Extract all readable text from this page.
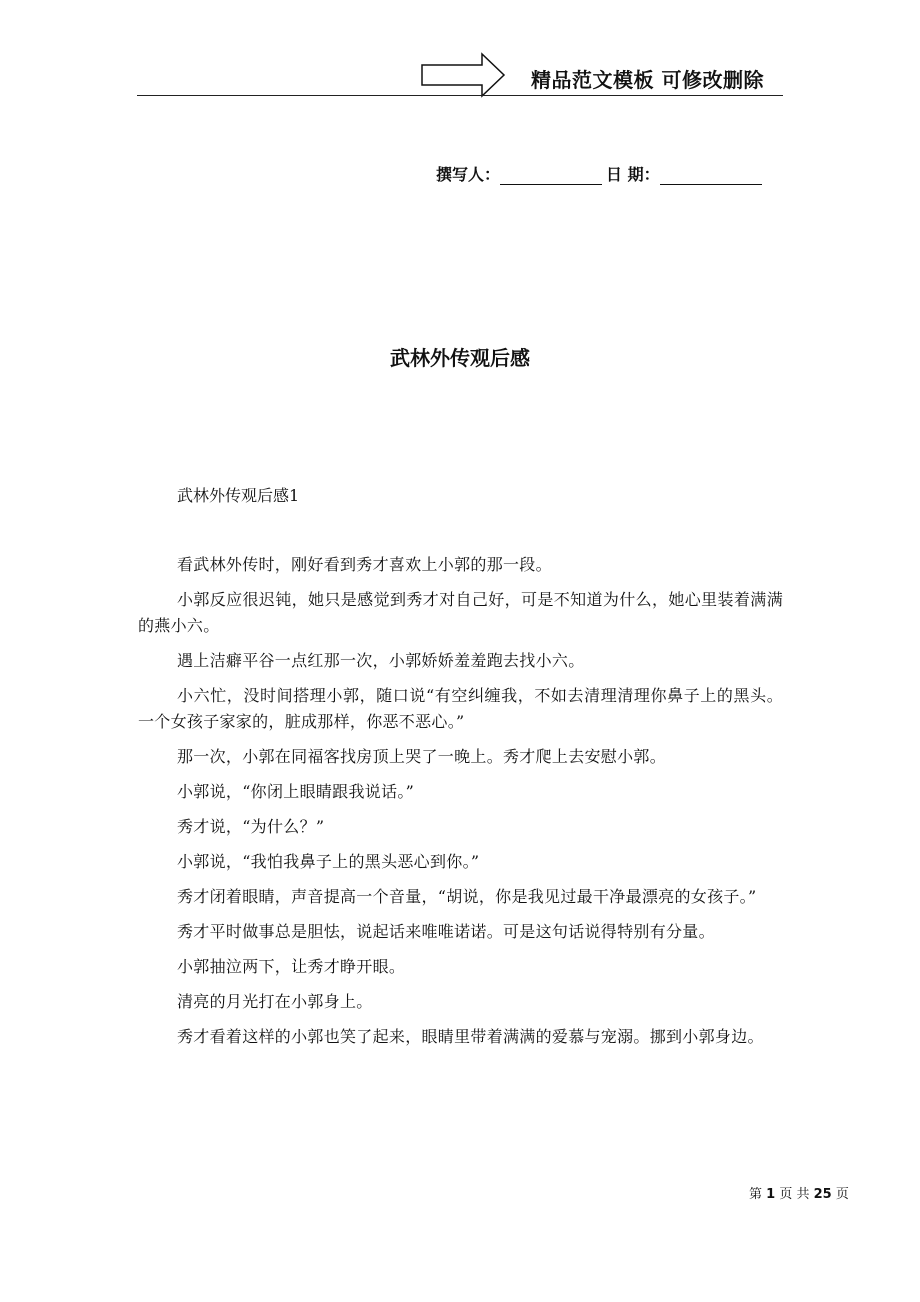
精品范文模板 可修改删除
撰写人：	日 期：
武林外传观后感
武林外传观后感1

看武林外传时，刚好看到秀才喜欢上小郭的那一段。

小郭反应很迟钝，她只是感觉到秀才对自己好，可是不知道为什么，她心里装着满满的燕小六。

遇上洁癖平谷一点红那一次，小郭娇娇羞羞跑去找小六。

小六忙，没时间搭理小郭，随口说“有空纠缠我，不如去清理清理你鼻子上的黑头。一个女孩子家家的，脏成那样，你恶不恶心。”

那一次，小郭在同福客找房顶上哭了一晚上。秀才爬上去安慰小郭。

小郭说，“你闭上眼睛跟我说话。”

秀才说，“为什么？”

小郭说，“我怕我鼻子上的黑头恶心到你。”

秀才闭着眼睛，声音提高一个音量，“胡说，你是我见过最干净最漂亮的女孩子。”

秀才平时做事总是胆怯，说起话来唯唯诺诺。可是这句话说得特别有分量。

小郭抽泣两下，让秀才睁开眼。

清亮的月光打在小郭身上。

秀才看着这样的小郭也笑了起来，眼睛里带着满满的爱慕与宠溺。挪到小郭身边。

第 1 页 共 25 页
